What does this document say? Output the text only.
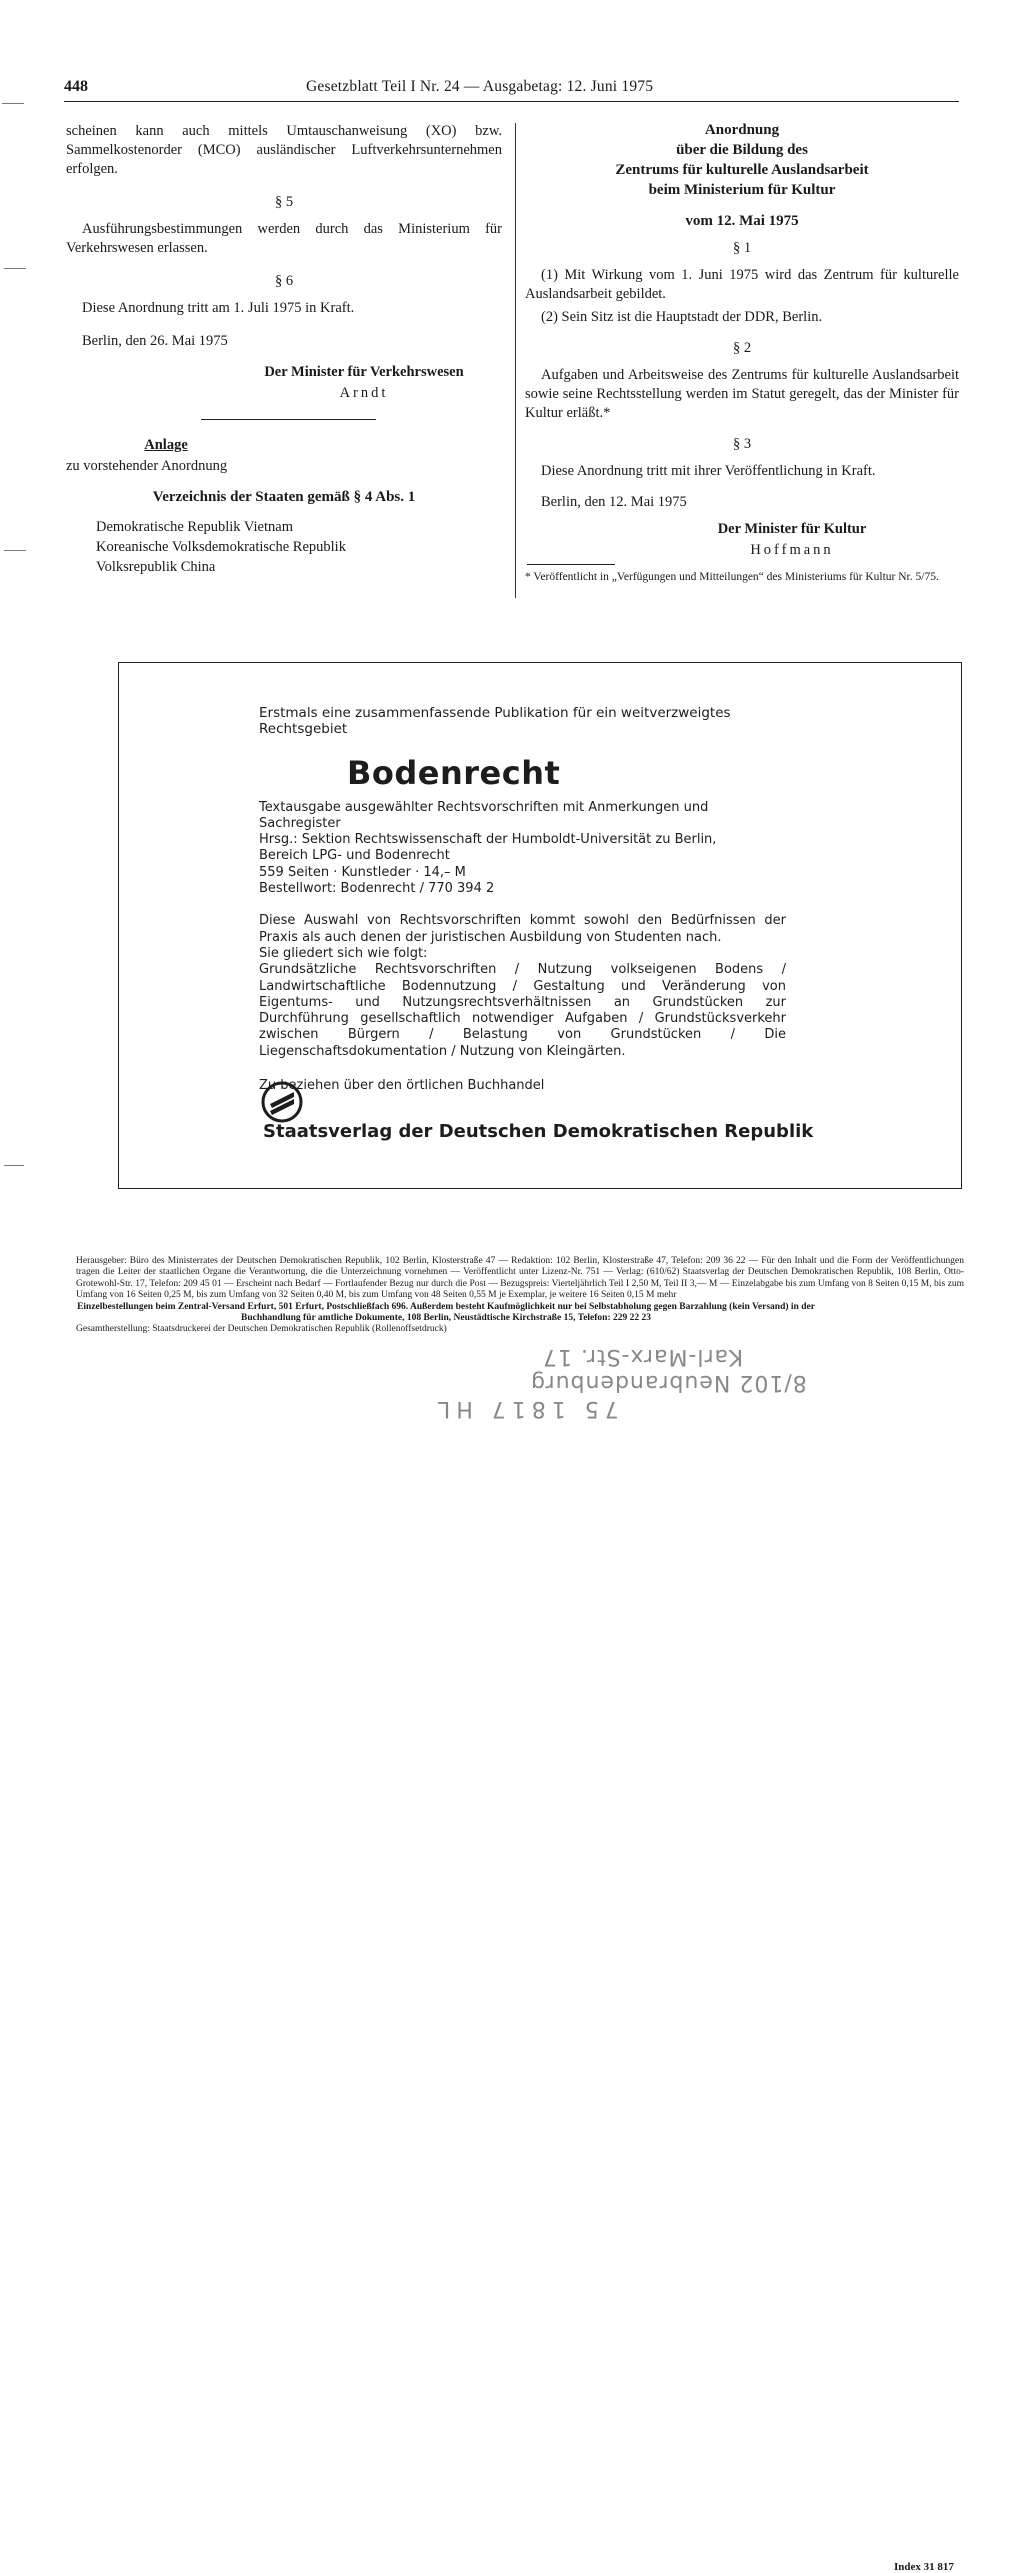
448	Gesetzblatt Teil I Nr. 24 — Ausgabetag: 12. Juni 1975

scheinen kann auch mittels Umtauschanweisung (XO) bzw. Sammelkostenorder (MCO) ausländischer Luftverkehrsunternehmen erfolgen.

§ 5

Ausführungsbestimmungen werden durch das Ministerium für Verkehrswesen erlassen.

§ 6

Diese Anordnung tritt am 1. Juli 1975 in Kraft.

Berlin, den 26. Mai 1975

Der Minister für Verkehrswesen

Arndt

Anlage

zu vorstehender Anordnung

Verzeichnis der Staaten gemäß § 4 Abs. 1

Demokratische Republik Vietnam
Koreanische Volksdemokratische Republik
Volksrepublik China
Anordnung
über die Bildung des
Zentrums für kulturelle Auslandsarbeit
beim Ministerium für Kultur

vom 12. Mai 1975

§ 1

(1) Mit Wirkung vom 1. Juni 1975 wird das Zentrum für kulturelle Auslandsarbeit gebildet.

(2) Sein Sitz ist die Hauptstadt der DDR, Berlin.

§ 2

Aufgaben und Arbeitsweise des Zentrums für kulturelle Auslandsarbeit sowie seine Rechtsstellung werden im Statut geregelt, das der Minister für Kultur erläßt.*

§ 3

Diese Anordnung tritt mit ihrer Veröffentlichung in Kraft.

Berlin, den 12. Mai 1975

Der Minister für Kultur

Hoffmann

* Veröffentlicht in „Verfügungen und Mitteilungen“ des Ministeriums für Kultur Nr. 5/75.

Erstmals eine zusammenfassende Publikation für ein weitverzweigtes Rechtsgebiet
Bodenrecht
Textausgabe ausgewählter Rechtsvorschriften mit Anmerkungen und Sachregister
Hrsg.: Sektion Rechtswissenschaft der Humboldt-Universität zu Berlin,
Bereich LPG- und Bodenrecht
559 Seiten · Kunstleder · 14,– M
Bestellwort: Bodenrecht / 770 394 2
Diese Auswahl von Rechtsvorschriften kommt sowohl den Bedürfnissen der Praxis als auch denen der juristischen Ausbildung von Studenten nach.
Sie gliedert sich wie folgt:
Grundsätzliche Rechtsvorschriften / Nutzung volkseigenen Bodens / Landwirtschaftliche Bodennutzung / Gestaltung und Veränderung von Eigentums- und Nutzungsrechtsverhältnissen an Grundstücken zur Durchführung gesellschaftlich notwendiger Aufgaben / Grundstücksverkehr zwischen Bürgern / Belastung von Grundstücken / Die Liegenschaftsdokumentation / Nutzung von Kleingärten.
Zu beziehen über den örtlichen Buchhandel
Staatsverlag der Deutschen Demokratischen Republik

Herausgeber: Büro des Ministerrates der Deutschen Demokratischen Republik, 102 Berlin, Klosterstraße 47 — Redaktion: 102 Berlin, Klosterstraße 47, Telefon: 209 36 22 — Für den Inhalt und die Form der Veröffentlichungen tragen die Leiter der staatlichen Organe die Verantwortung, die die Unterzeichnung vornehmen — Veröffentlicht unter Lizenz-Nr. 751 — Verlag: (610/62) Staatsverlag der Deutschen Demokratischen Republik, 108 Berlin, Otto-Grotewohl-Str. 17, Telefon: 209 45 01 — Erscheint nach Bedarf — Fortlaufender Bezug nur durch die Post — Bezugspreis: Vierteljährlich Teil I 2,50 M, Teil II 3,— M — Einzelabgabe bis zum Umfang von 8 Seiten 0,15 M, bis zum Umfang von 16 Seiten 0,25 M, bis zum Umfang von 32 Seiten 0,40 M, bis zum Umfang von 48 Seiten 0,55 M je Exemplar, je weitere 16 Seiten 0,15 M mehr

Einzelbestellungen beim Zentral-Versand Erfurt, 501 Erfurt, Postschließfach 696. Außerdem besteht Kaufmöglichkeit nur bei Selbstabholung gegen Barzahlung (kein Versand) in der Buchhandlung für amtliche Dokumente, 108 Berlin, Neustädtische Kirchstraße 15, Telefon: 229 22 23

Gesamtherstellung: Staatsdruckerei der Deutschen Demokratischen Republik (Rollenoffsetdruck)

Index 31 817
Karl-Marx-Str. 17
8/102 Neubrandenburg
75 1817 HL
